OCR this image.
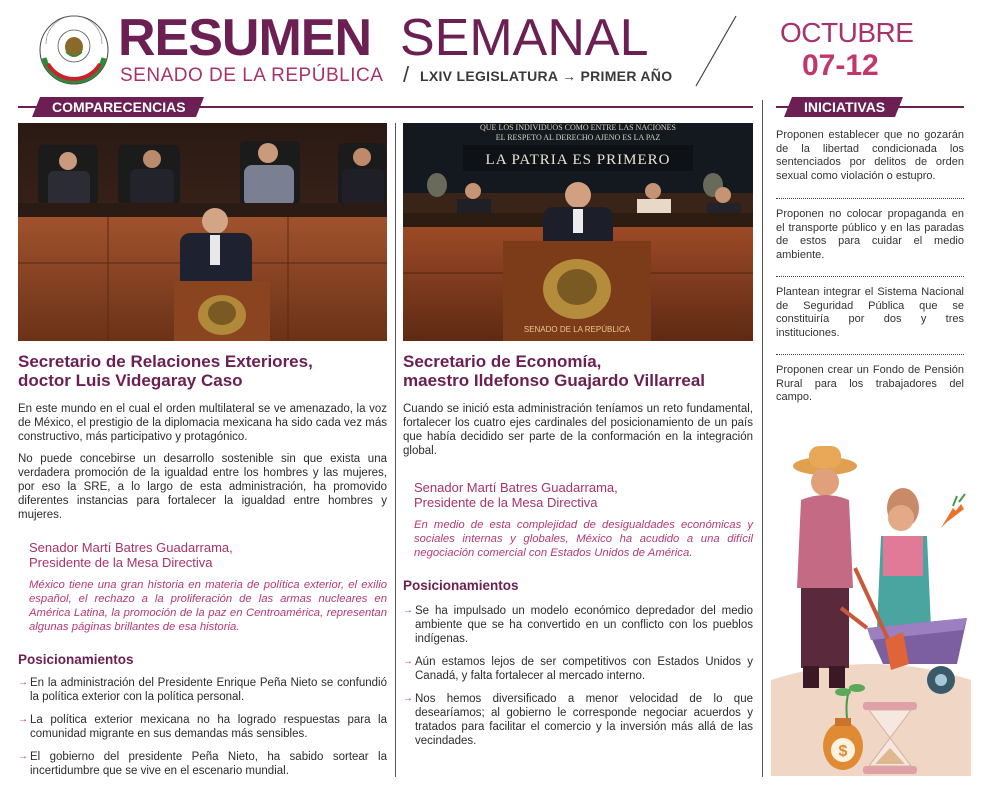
RESUMEN SEMANAL
SENADO DE LA REPÚBLICA / LXIV LEGISLATURA → PRIMER AÑO
OCTUBRE
07-12
COMPARECENCIAS	INICIATIVAS
QUE LOS INDIVIDUOS COMO ENTRE LAS NACIONES
EL RESPETO AL DERECHO AJENO ES LA PAZ
LA PATRIA ES PRIMERO
SENADO DE LA REPÚBLICA
Secretario de Relaciones Exteriores,
doctor Luis Videgaray Caso
En este mundo en el cual el orden multilateral se ve amenazado, la voz de México, el prestigio de la diplomacia mexicana ha sido cada vez más constructivo, más participativo y protagónico.
No puede concebirse un desarrollo sostenible sin que exista una verdadera promoción de la igualdad entre los hombres y las mujeres, por eso la SRE, a lo largo de esta administración, ha promovido diferentes instancias para fortalecer la igualdad entre hombres y mujeres.
Senador Martí Batres Guadarrama,
Presidente de la Mesa Directiva
México tiene una gran historia en materia de política exterior, el exilio español, el rechazo a la proliferación de las armas nucleares en América Latina, la promoción de la paz en Centroamérica, representan algunas páginas brillantes de esa historia.
Posicionamientos
→ En la administración del Presidente Enrique Peña Nieto se confundió la política exterior con la política personal.
→ La política exterior mexicana no ha logrado respuestas para la comunidad migrante en sus demandas más sensibles.
→ El gobierno del presidente Peña Nieto, ha sabido sortear la incertidumbre que se vive en el escenario mundial.
Secretario de Economía,
maestro Ildefonso Guajardo Villarreal
Cuando se inició esta administración teníamos un reto fundamental, fortalecer los cuatro ejes cardinales del posicionamiento de un país que había decidido ser parte de la conformación en la integración global.
Senador Martí Batres Guadarrama,
Presidente de la Mesa Directiva
En medio de esta complejidad de desigualdades económicas y sociales internas y globales, México ha acudido a una difícil negociación comercial con Estados Unidos de América.
Posicionamientos
→ Se ha impulsado un modelo económico depredador del medio ambiente que se ha convertido en un conflicto con los pueblos indígenas.
→ Aún estamos lejos de ser competitivos con Estados Unidos y Canadá, y falta fortalecer al mercado interno.
→ Nos hemos diversificado a menor velocidad de lo que desearíamos; al gobierno le corresponde negociar acuerdos y tratados para facilitar el comercio y la inversión más allá de las vecindades.
Proponen establecer que no gozarán de la libertad condicionada los sentenciados por delitos de orden sexual como violación o estupro.
Proponen no colocar propaganda en el transporte público y en las paradas de estos para cuidar el medio ambiente.
Plantean integrar el Sistema Nacional de Seguridad Pública que se constituiría por dos y tres instituciones.
Proponen crear un Fondo de Pensión Rural para los trabajadores del campo.
$
